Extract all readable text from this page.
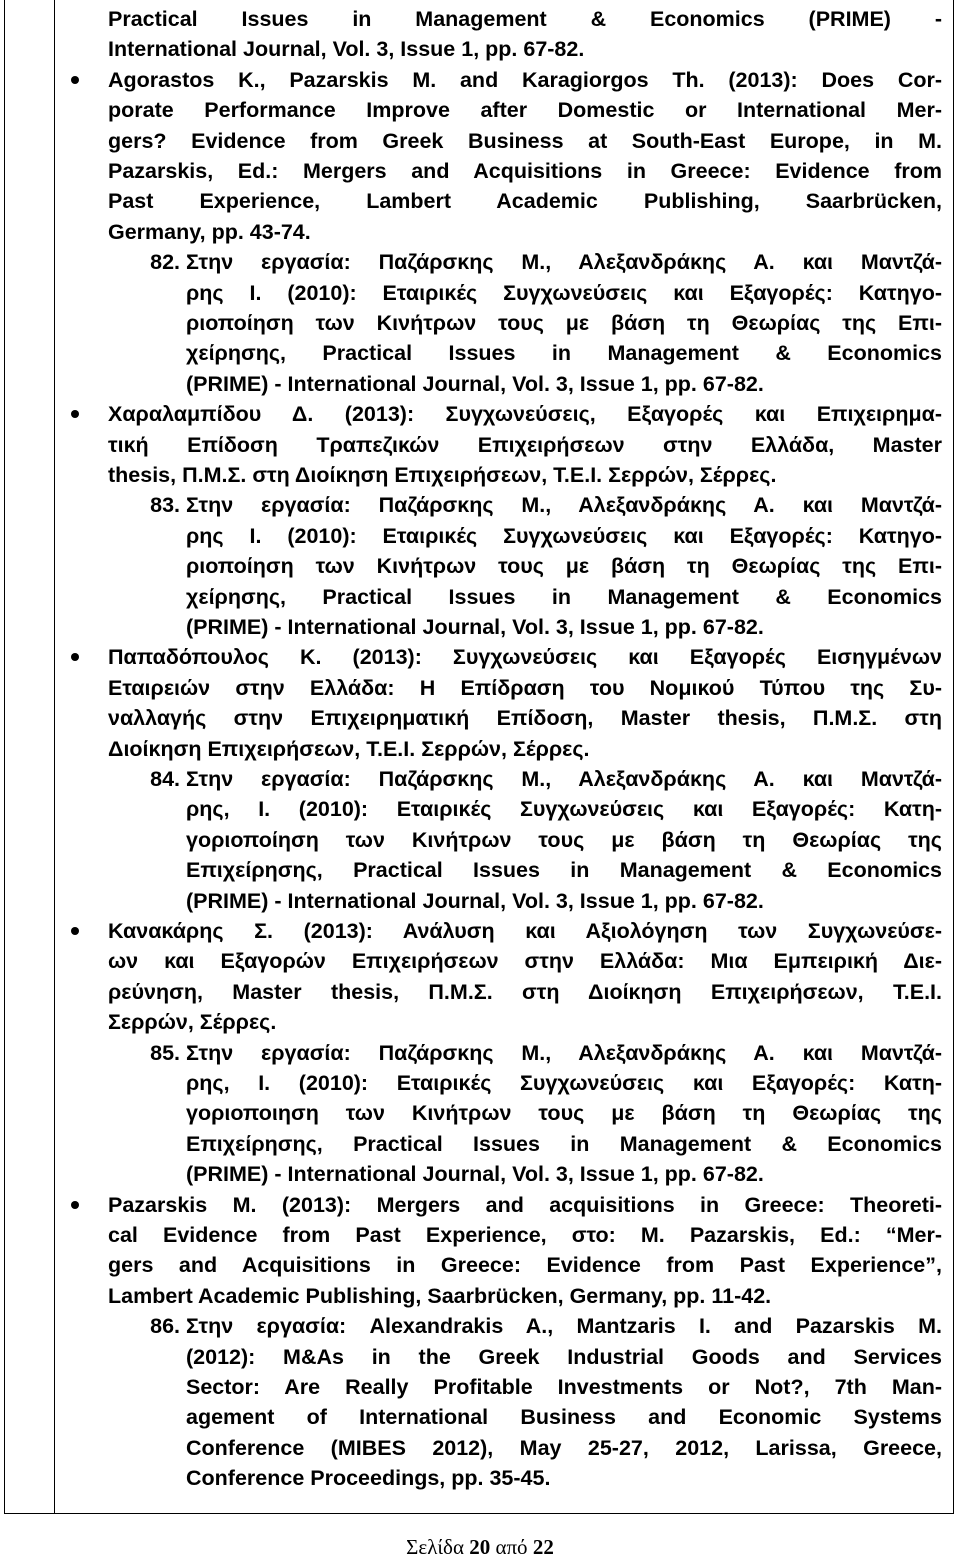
Practical Issues in Management & Economics (PRIME) -
International Journal, Vol. 3, Issue 1, pp. 67-82.
Agorastos K., Pazarskis M. and Karagiorgos Th. (2013): Does Cor-
porate Performance Improve after Domestic or International Mer-
gers? Evidence from Greek Business at South-East Europe, in M.
Pazarskis, Ed.: Mergers and Acquisitions in Greece: Evidence from
Past Experience, Lambert Academic Publishing, Saarbrücken,
Germany, pp. 43-74.
82. Στην εργασία: Παζάρσκης Μ., Αλεξανδράκης Α. και Μαντζά-
ρης Ι. (2010): Εταιρικές Συγχωνεύσεις και Εξαγορές: Κατηγο-
ριοποίηση των Κινήτρων τους με βάση τη Θεωρίας της Επι-
χείρησης, Practical Issues in Management & Economics
(PRIME) - International Journal, Vol. 3, Issue 1, pp. 67-82.
Χαραλαμπίδου Δ. (2013): Συγχωνεύσεις, Εξαγορές και Επιχειρημα-
τική Επίδοση Τραπεζικών Επιχειρήσεων στην Ελλάδα, Master
thesis, Π.Μ.Σ. στη Διοίκηση Επιχειρήσεων, Τ.Ε.Ι. Σερρών, Σέρρες.
83. Στην εργασία: Παζάρσκης Μ., Αλεξανδράκης Α. και Μαντζά-
ρης Ι. (2010): Εταιρικές Συγχωνεύσεις και Εξαγορές: Κατηγο-
ριοποίηση των Κινήτρων τους με βάση τη Θεωρίας της Επι-
χείρησης, Practical Issues in Management & Economics
(PRIME) - International Journal, Vol. 3, Issue 1, pp. 67-82.
Παπαδόπουλος Κ. (2013): Συγχωνεύσεις και Εξαγορές Εισηγμένων
Εταιρειών στην Ελλάδα: Η Επίδραση του Νομικού Τύπου της Συ-
ναλλαγής στην Επιχειρηματική Επίδοση, Master thesis, Π.Μ.Σ. στη
Διοίκηση Επιχειρήσεων, Τ.Ε.Ι. Σερρών, Σέρρες.
84. Στην εργασία: Παζάρσκης Μ., Αλεξανδράκης Α. και Μαντζά-
ρης, Ι. (2010): Εταιρικές Συγχωνεύσεις και Εξαγορές: Κατη-
γοριοποίηση των Κινήτρων τους με βάση τη Θεωρίας της
Επιχείρησης, Practical Issues in Management & Economics
(PRIME) - International Journal, Vol. 3, Issue 1, pp. 67-82.
Κανακάρης Σ. (2013): Ανάλυση και Αξιολόγηση των Συγχωνεύσε-
ων και Εξαγορών Επιχειρήσεων στην Ελλάδα: Μια Εμπειρική Διε-
ρεύνηση, Master thesis, Π.Μ.Σ. στη Διοίκηση Επιχειρήσεων, Τ.Ε.Ι.
Σερρών, Σέρρες.
85. Στην εργασία: Παζάρσκης Μ., Αλεξανδράκης Α. και Μαντζά-
ρης, Ι. (2010): Εταιρικές Συγχωνεύσεις και Εξαγορές: Κατη-
γοριοποιηση των Κινήτρων τους με βάση τη Θεωρίας της
Επιχείρησης, Practical Issues in Management & Economics
(PRIME) - International Journal, Vol. 3, Issue 1, pp. 67-82.
Pazarskis M. (2013): Mergers and acquisitions in Greece: Theoreti-
cal Evidence from Past Experience, στο: M. Pazarskis, Ed.: “Mer-
gers and Acquisitions in Greece: Evidence from Past Experience”,
Lambert Academic Publishing, Saarbrücken, Germany, pp. 11-42.
86. Στην εργασία: Alexandrakis A., Mantzaris I. and Pazarskis M.
(2012): M&As in the Greek Industrial Goods and Services
Sector: Are Really Profitable Investments or Not?, 7th Man-
agement of International Business and Economic Systems
Conference (MIBES 2012), May 25-27, 2012, Larissa, Greece,
Conference Proceedings, pp. 35-45.
Σελίδα 20 από 22
